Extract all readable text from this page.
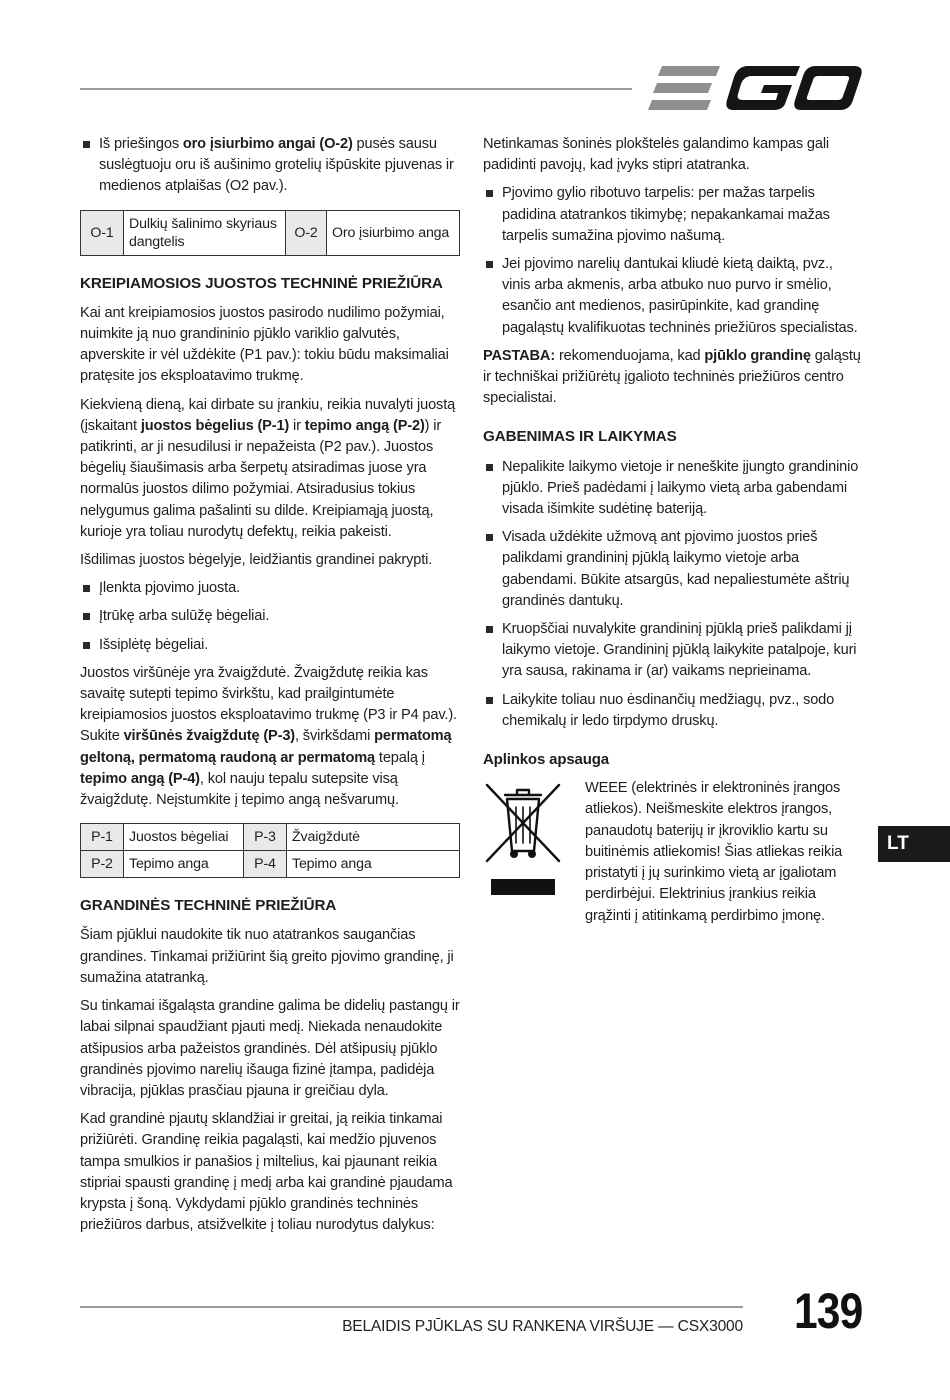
Iš priešingos oro įsiurbimo angai (O-2) pusės sausu suslėgtuoju oru iš aušinimo grotelių išpūskite pjuvenas ir medienos atplaišas (O2 pav.).
O-1	Dulkių šalinimo skyriaus dangtelis	O-2	Oro įsiurbimo anga
KREIPIAMOSIOS JUOSTOS TECHNINĖ PRIEŽIŪRA

Kai ant kreipiamosios juostos pasirodo nudilimo požymiai, nuimkite ją nuo grandininio pjūklo variklio galvutės, apverskite ir vėl uždėkite (P1 pav.): tokiu būdu maksimaliai pratęsite jos eksploatavimo trukmę.

Kiekvieną dieną, kai dirbate su įrankiu, reikia nuvalyti juostą (įskaitant juostos bėgelius (P-1) ir tepimo angą (P-2)) ir patikrinti, ar ji nesudilusi ir nepažeista (P2 pav.). Juostos bėgelių šiaušimasis arba šerpetų atsiradimas juose yra normalūs juostos dilimo požymiai. Atsiradusius tokius nelygumus galima pašalinti su dilde. Kreipiamąją juostą, kurioje yra toliau nurodytų defektų, reikia pakeisti.

Išdilimas juostos bėgelyje, leidžiantis grandinei pakrypti.

Įlenkta pjovimo juosta.
Įtrūkę arba sulūžę bėgeliai.
Išsiplėtę bėgeliai.

Juostos viršūnėje yra žvaigždutė. Žvaigždutę reikia kas savaitę sutepti tepimo švirkštu, kad prailgintumėte kreipiamosios juostos eksploatavimo trukmę (P3 ir P4 pav.). Sukite viršūnės žvaigždutę (P-3), švirkšdami permatomą geltoną, permatomą raudoną ar permatomą tepalą į tepimo angą (P-4), kol nauju tepalu sutepsite visą žvaigždutę. Neįstumkite į tepimo angą nešvarumų.

P-1	Juostos bėgeliai	P-3	Žvaigždutė
P-2	Tepimo anga	P-4	Tepimo anga
GRANDINĖS TECHNINĖ PRIEŽIŪRA

Šiam pjūklui naudokite tik nuo atatrankos saugančias grandines. Tinkamai prižiūrint šią greito pjovimo grandinę, ji sumažina atatranką.

Su tinkamai išgaląsta grandine galima be didelių pastangų ir labai silpnai spaudžiant pjauti medį. Niekada nenaudokite atšipusios arba pažeistos grandinės. Dėl atšipusių pjūklo grandinės pjovimo narelių išauga fizinė įtampa, padidėja vibracija, pjūklas prasčiau pjauna ir greičiau dyla.

Kad grandinė pjautų sklandžiai ir greitai, ją reikia tinkamai prižiūrėti. Grandinę reikia pagaląsti, kai medžio pjuvenos tampa smulkios ir panašios į miltelius, kai pjaunant reikia stipriai spausti grandinę į medį arba kai grandinė pjaudama krypsta į šoną. Vykdydami pjūklo grandinės techninės priežiūros darbus, atsižvelkite į toliau nurodytus dalykus:

Netinkamas šoninės plokštelės galandimo kampas gali padidinti pavojų, kad įvyks stipri atatranka.

Pjovimo gylio ribotuvo tarpelis: per mažas tarpelis padidina atatrankos tikimybę; nepakankamai mažas tarpelis sumažina pjovimo našumą.
Jei pjovimo narelių dantukai kliudė kietą daiktą, pvz., vinis arba akmenis, arba atbuko nuo purvo ir smėlio, esančio ant medienos, pasirūpinkite, kad grandinę pagaląstų kvalifikuotas techninės priežiūros specialistas.

PASTABA: rekomenduojama, kad pjūklo grandinę galąstų ir techniškai prižiūrėtų įgalioto techninės priežiūros centro specialistai.

GABENIMAS IR LAIKYMAS
Nepalikite laikymo vietoje ir neneškite įjungto grandininio pjūklo. Prieš padėdami į laikymo vietą arba gabendami visada išimkite sudėtinę bateriją.
Visada uždėkite užmovą ant pjovimo juostos prieš palikdami grandininį pjūklą laikymo vietoje arba gabendami. Būkite atsargūs, kad nepaliestumėte aštrių grandinės dantukų.
Kruopščiai nuvalykite grandininį pjūklą prieš palikdami jį laikymo vietoje. Grandininį pjūklą laikykite patalpoje, kuri yra sausa, rakinama ir (ar) vaikams neprieinama.
Laikykite toliau nuo ėsdinančių medžiagų, pvz., sodo chemikalų ir ledo tirpdymo druskų.
Aplinkos apsauga
WEEE (elektrinės ir elektroninės įrangos atliekos). Neišmeskite elektros įrangos, panaudotų baterijų ir įkroviklio kartu su buitinėmis atliekomis! Šias atliekas reikia pristatyti į jų surinkimo vietą ar įgaliotam perdirbėjui. Elektrinius įrankius reikia grąžinti į atitinkamą perdirbimo įmonę.
LT
BELAIDIS PJŪKLAS SU RANKENA VIRŠUJE — CSX3000 139
